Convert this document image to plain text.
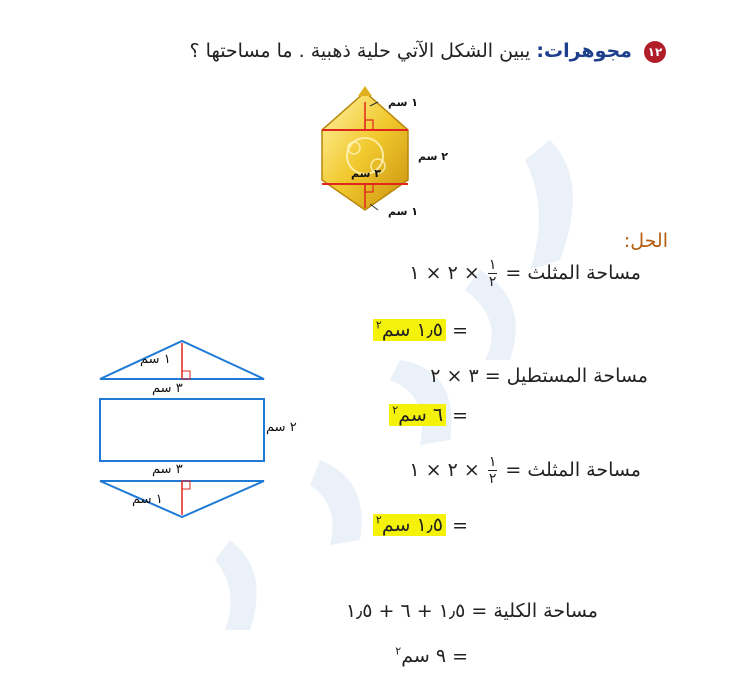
١٢ مجوهرات: يبين الشكل الآتي حلية ذهبية . ما مساحتها ؟
١ سم
٢ سم
٣ سم
١ سم
١ سم
٣ سم
٢ سم
٣ سم
١ سم
الحل:
مساحة المثلث =
$\frac{١}{٢}$
× ٢ × ١
= ١٫٥ سم$^٢$
مساحة المستطيل = ٣ × ٢
= ٦ سم$^٢$
مساحة المثلث =
$\frac{١}{٢}$
× ٢ × ١
= ١٫٥ سم$^٢$
مساحة الكلية = ١٫٥ + ٦ + ١٫٥
= ٩ سم$^٢$
